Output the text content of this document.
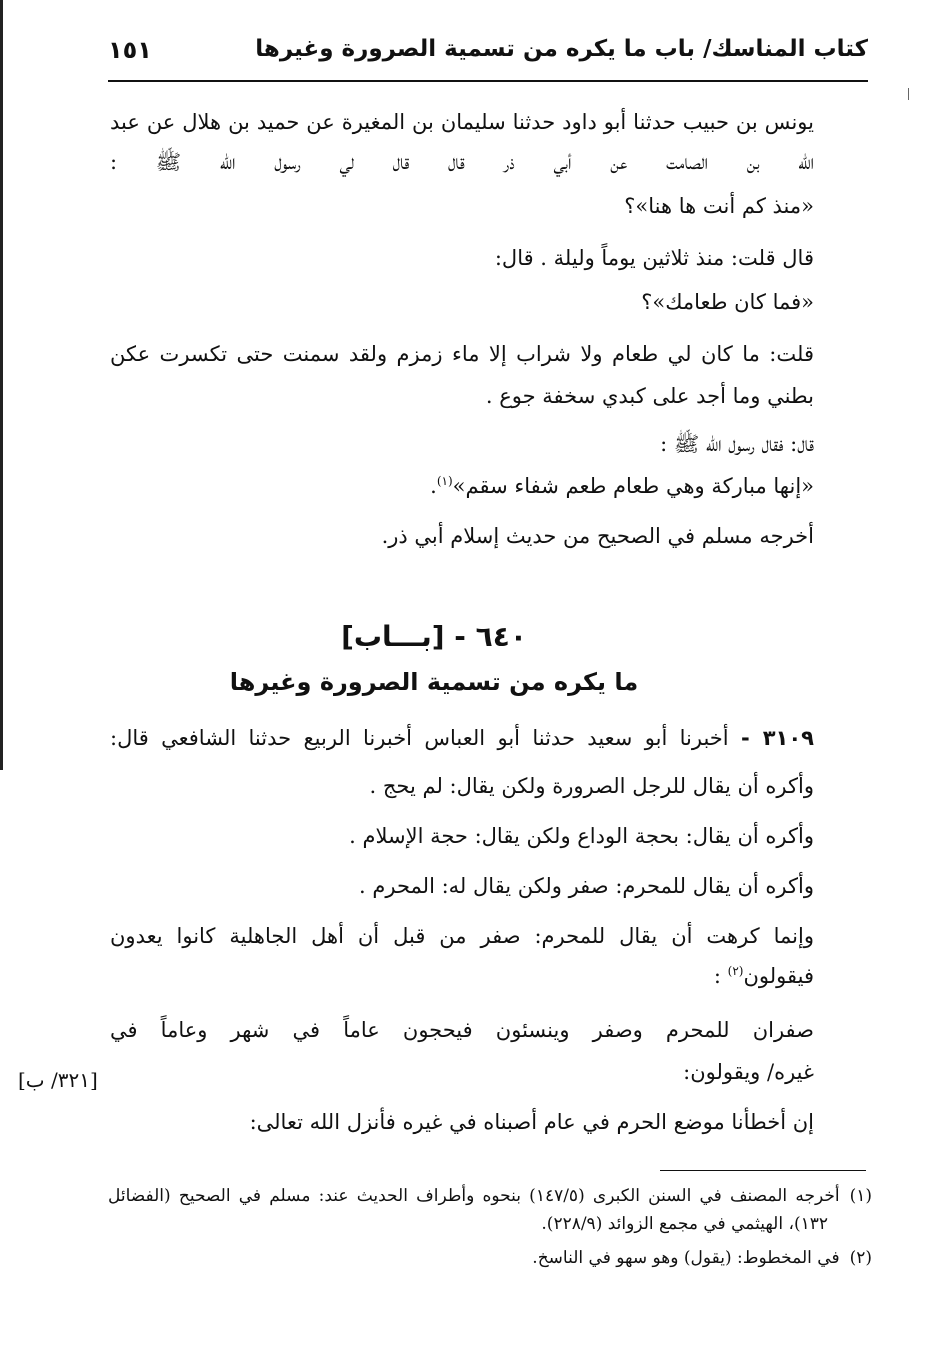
كتاب المناسك/ باب ما يكره من تسمية الصرورة وغيرها
١٥١
يونس بن حبيب حدثنا أبو داود حدثنا سليمان بن المغيرة عن حميد بن هلال عن عبد
الله بن الصامت عن أبي ذر قال قال لي رسول الله ﷺ :
«منذ كم أنت ها هنا»؟
قال قلت: منذ ثلاثين يوماً وليلة . قال:
«فما كان طعامك»؟
قلت: ما كان لي طعام ولا شراب إلا ماء زمزم ولقد سمنت حتى تكسرت عكن
بطني وما أجد على كبدي سخفة جوع .
قال: فقال رسول الله ﷺ :
«إنها مباركة وهي طعام طعم شفاء سقم»$^{(١)}$.
أخرجه مسلم في الصحيح من حديث إسلام أبي ذر.
٦٤٠ - [بـــاب]
ما يكره من تسمية الصرورة وغيرها
٣١٠٩ - أخبرنا أبو سعيد حدثنا أبو العباس أخبرنا الربيع حدثنا الشافعي قال:
وأكره أن يقال للرجل الصرورة ولكن يقال: لم يحج .
وأكره أن يقال: بحجة الوداع ولكن يقال: حجة الإسلام .
وأكره أن يقال للمحرم: صفر ولكن يقال له: المحرم .
وإنما كرهت أن يقال للمحرم: صفر من قبل أن أهل الجاهلية كانوا يعدون
فيقولون$^{(٢)}$ :
صفران للمحرم وصفر وينسئون فيحجون عاماً في شهر وعاماً في
غيره/ ويقولون:
إن أخطأنا موضع الحرم في عام أصبناه في غيره فأنزل الله تعالى:
[٣٢١/ ب]
(١)أخرجه المصنف في السنن الكبرى (١٤٧/٥) بنحوه وأطراف الحديث عند: مسلم في الصحيح (الفضائل
١٣٢)، الهيثمي في مجمع الزوائد (٢٢٨/٩).
(٢)في المخطوط: (يقول) وهو سهو في الناسخ.
